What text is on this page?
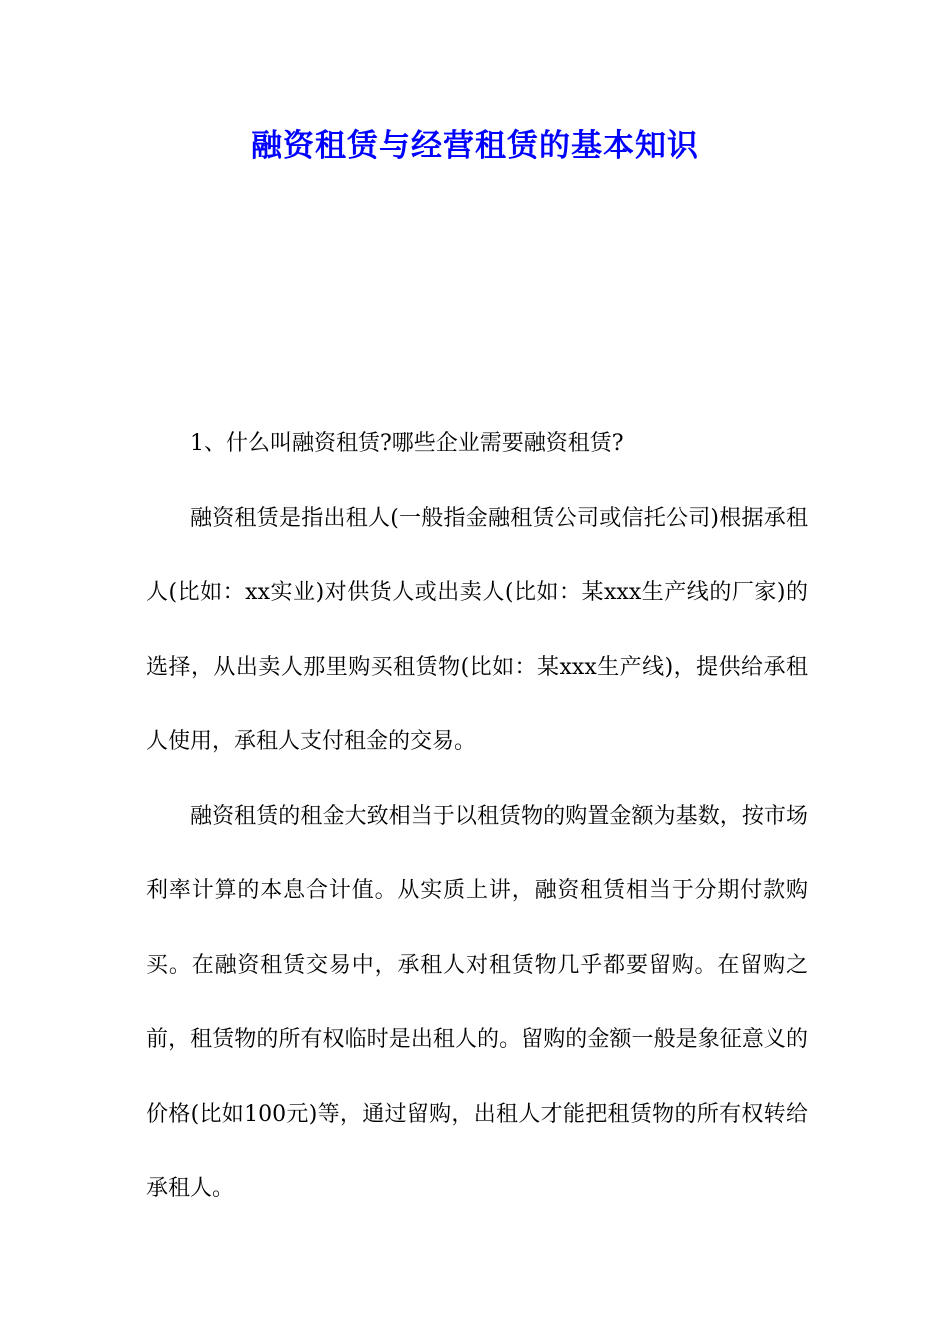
融资租赁与经营租赁的基本知识

1、什么叫融资租赁?哪些企业需要融资租赁?

融资租赁是指出租人(一般指金融租赁公司或信托公司)根据承租人(比如：xx实业)对供货人或出卖人(比如：某xxx生产线的厂家)的选择，从出卖人那里购买租赁物(比如：某xxx生产线)，提供给承租人使用，承租人支付租金的交易。

融资租赁的租金大致相当于以租赁物的购置金额为基数，按市场利率计算的本息合计值。从实质上讲，融资租赁相当于分期付款购买。在融资租赁交易中，承租人对租赁物几乎都要留购。在留购之前，租赁物的所有权临时是出租人的。留购的金额一般是象征意义的价格(比如100元)等，通过留购，出租人才能把租赁物的所有权转给承租人。
